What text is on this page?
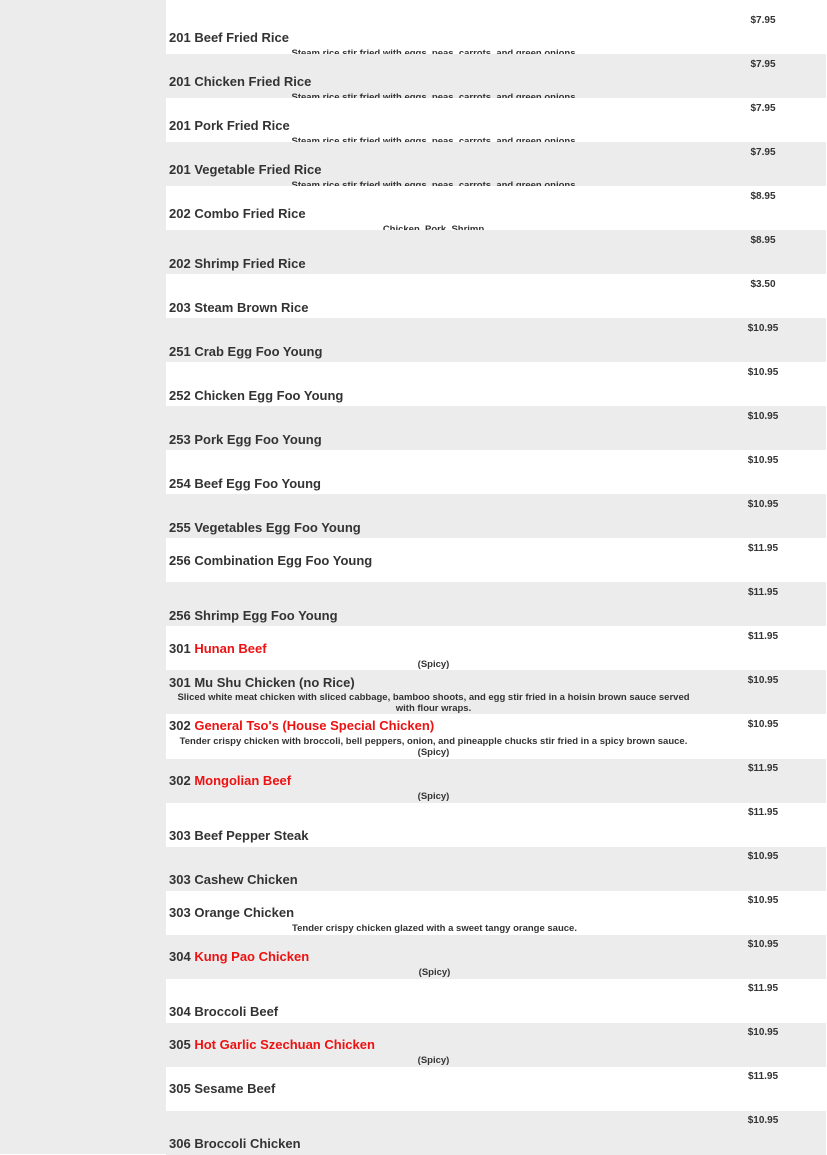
$7.95
201 Beef Fried Rice
$7.95
201 Chicken Fried Rice
$7.95
201 Pork Fried Rice
$7.95
201 Vegetable Fried Rice
$8.95
202 Combo Fried Rice
$8.95
202 Shrimp Fried Rice
$3.50
203 Steam Brown Rice
$10.95
251 Crab Egg Foo Young
$10.95
252 Chicken Egg Foo Young
$10.95
253 Pork Egg Foo Young
$10.95
254 Beef Egg Foo Young
$10.95
255 Vegetables Egg Foo Young
$11.95
256 Combination Egg Foo Young
$11.95
256 Shrimp Egg Foo Young
$11.95
301 Hunan Beef
(Spicy)
$10.95
301 Mu Shu Chicken (no Rice)
Sliced white meat chicken with sliced cabbage, bamboo shoots, and egg stir fried in a hoisin brown sauce served with flour wraps.
$10.95
302 General Tso's (House Special Chicken)
Tender crispy chicken with broccoli, bell peppers, onion, and pineapple chucks stir fried in a spicy brown sauce. (Spicy)
$11.95
302 Mongolian Beef
(Spicy)
$11.95
303 Beef Pepper Steak
$10.95
303 Cashew Chicken
$10.95
303 Orange Chicken
Tender crispy chicken glazed with a sweet tangy orange sauce.
$10.95
304 Kung Pao Chicken
(Spicy)
$11.95
304 Broccoli Beef
$10.95
305 Hot Garlic Szechuan Chicken
(Spicy)
$11.95
305 Sesame Beef
$10.95
306 Broccoli Chicken
